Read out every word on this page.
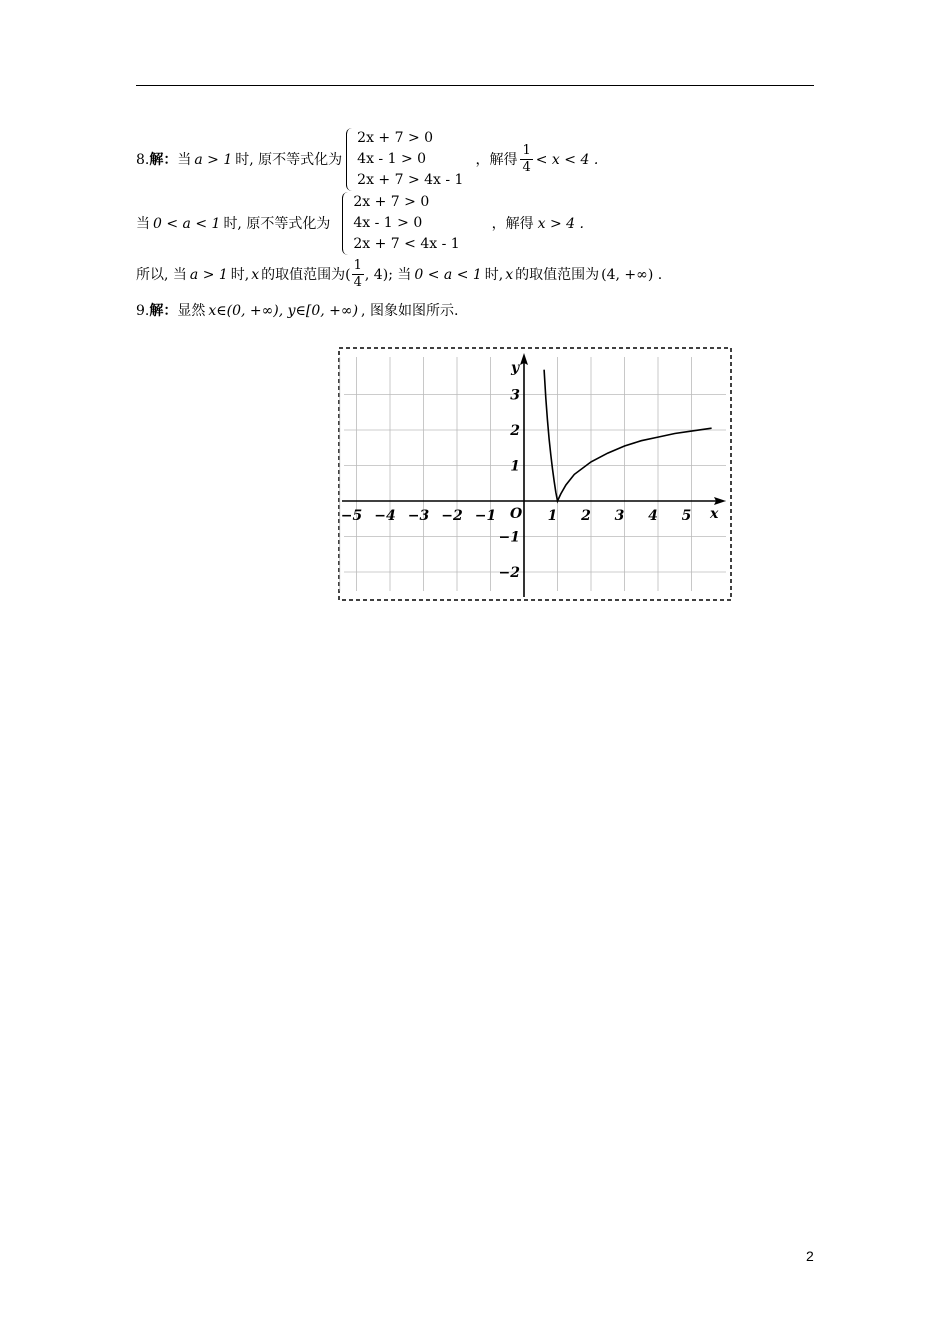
8. 解： 当 a > 1 时, 原不等式化为
2x + 7 > 0
4x - 1 > 0
2x + 7 > 4x - 1
，解得 $\frac{1}{4} < x < 4$ .
当 0 < a < 1 时, 原不等式化为
2x + 7 > 0
4x - 1 > 0
2x + 7 < 4x - 1
，解得 x > 4 .
所以, 当 a > 1 时, x 的取值范围为 ( $\frac{1}{4}$ , 4) ; 当 0 < a < 1 时, x 的取值范围为 (4, +∞) .
9. 解： 显然 x∈(0, +∞), y∈[0, +∞) , 图象如图所示.
−5 −4 −3 −2 −1	1 2 3 4 5
3
2
1
−1
−2
O	x
y
2
